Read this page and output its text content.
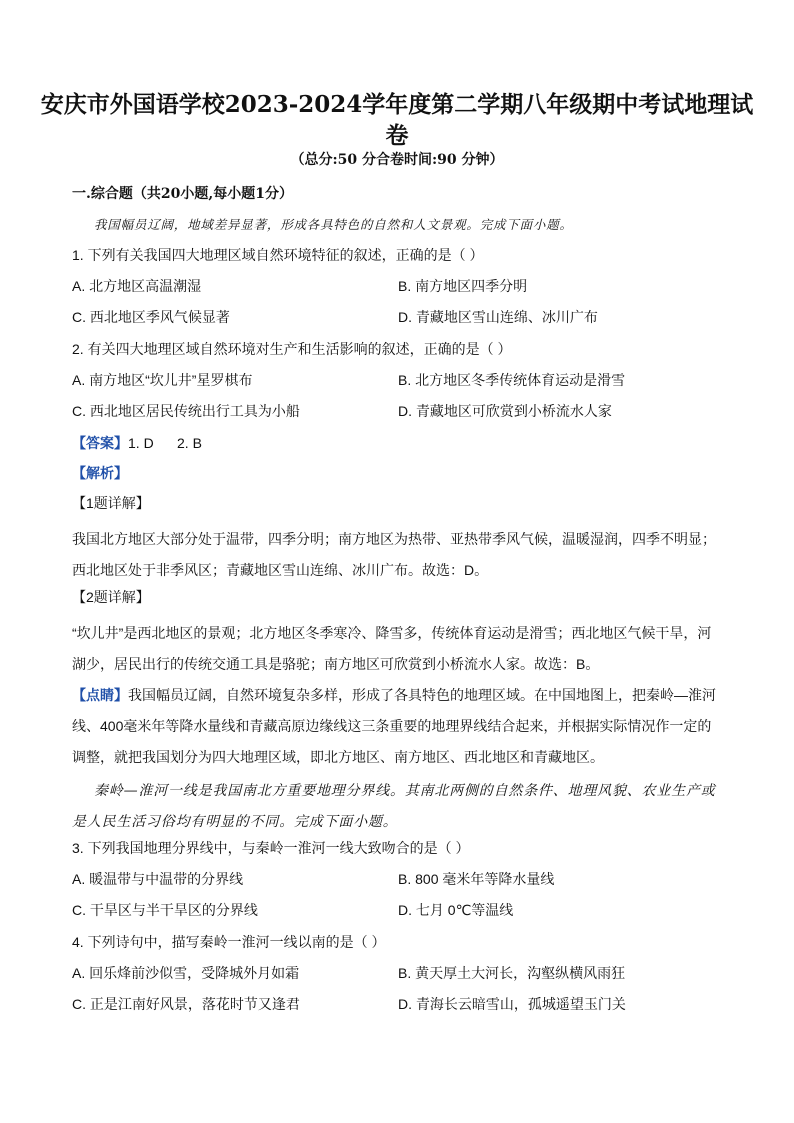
安庆市外国语学校2023-2024学年度第二学期八年级期中考试地理试
卷
（总分:50 分合卷时间:90 分钟）
一.综合题（共20小题,每小题1分）
我国幅员辽阔，地域差异显著，形成各具特色的自然和人文景观。完成下面小题。
1. 下列有关我国四大地理区域自然环境特征的叙述，正确的是（ ）
A. 北方地区高温潮湿	B. 南方地区四季分明
C. 西北地区季风气候显著	D. 青藏地区雪山连绵、冰川广布
2. 有关四大地理区域自然环境对生产和生活影响的叙述，正确的是（ ）
A. 南方地区“坎儿井”星罗棋布	B. 北方地区冬季传统体育运动是滑雪
C. 西北地区居民传统出行工具为小船	D. 青藏地区可欣赏到小桥流水人家
【答案】1. D      2. B
【解析】
【1题详解】
我国北方地区大部分处于温带，四季分明；南方地区为热带、亚热带季风气候，温暖湿润，四季不明显；西北地区处于非季风区；青藏地区雪山连绵、冰川广布。故选：D。
【2题详解】
“坎儿井”是西北地区的景观；北方地区冬季寒冷、降雪多，传统体育运动是滑雪；西北地区气候干旱，河湖少，居民出行的传统交通工具是骆驼；南方地区可欣赏到小桥流水人家。故选：B。
【点睛】我国幅员辽阔，自然环境复杂多样，形成了各具特色的地理区域。在中国地图上，把秦岭—淮河线、400毫米年等降水量线和青藏高原边缘线这三条重要的地理界线结合起来，并根据实际情况作一定的调整，就把我国划分为四大地理区域，即北方地区、南方地区、西北地区和青藏地区。
秦岭—淮河一线是我国南北方重要地理分界线。其南北两侧的自然条件、地理风貌、农业生产或是人民生活习俗均有明显的不同。完成下面小题。
3. 下列我国地理分界线中，与秦岭一淮河一线大致吻合的是（ ）
A. 暖温带与中温带的分界线	B. 800 毫米年等降水量线
C. 干旱区与半干旱区的分界线	D. 七月 0℃等温线
4. 下列诗句中，描写秦岭一淮河一线以南的是（ ）
A. 回乐烽前沙似雪，受降城外月如霜	B. 黄天厚土大河长，沟壑纵横风雨狂
C. 正是江南好风景，落花时节又逢君	D. 青海长云暗雪山，孤城遥望玉门关
